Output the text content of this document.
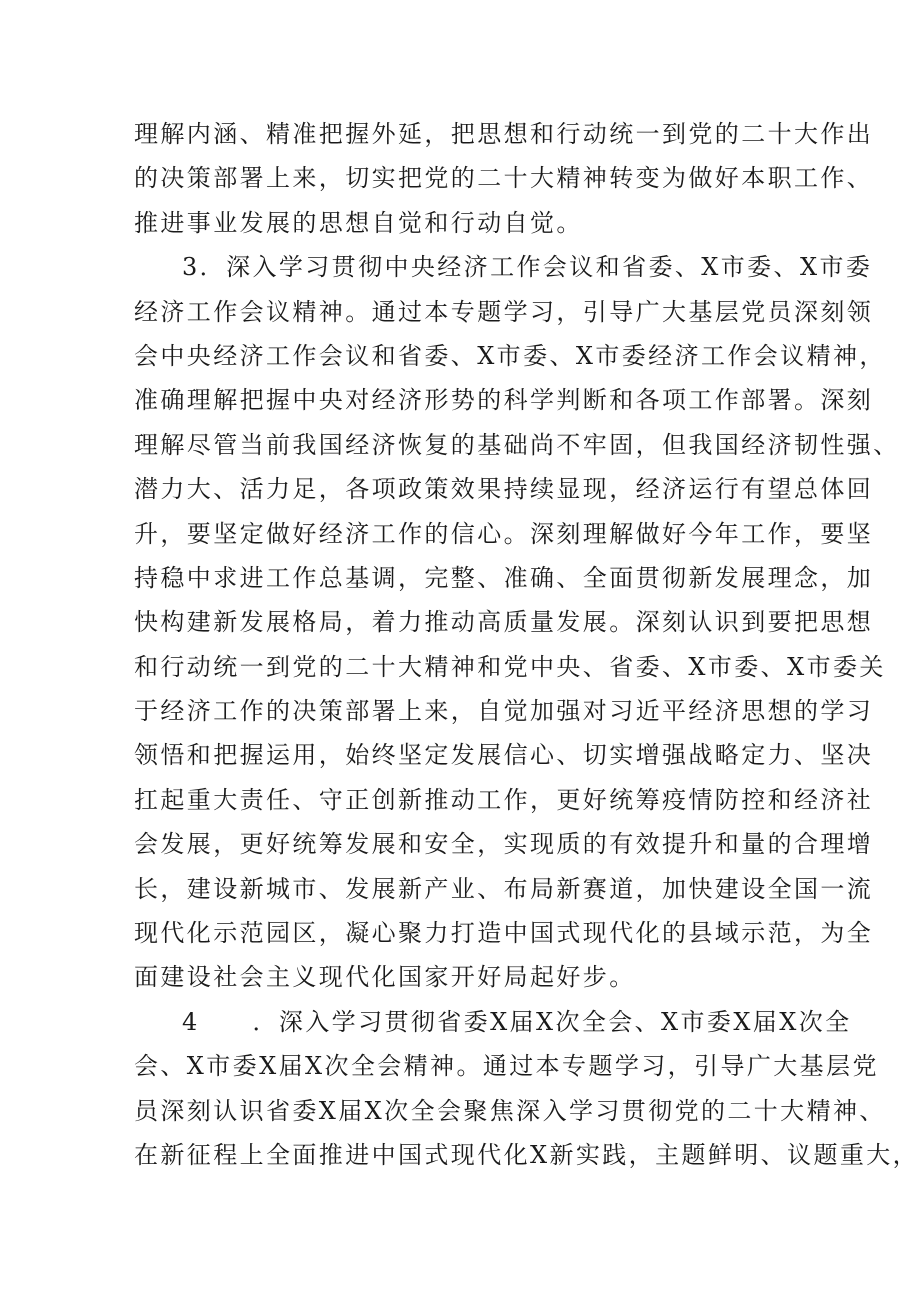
理解内涵、精准把握外延，把思想和行动统一到党的二十大作出
的决策部署上来，切实把党的二十大精神转变为做好本职工作、
推进事业发展的思想自觉和行动自觉。
3．深入学习贯彻中央经济工作会议和省委、X市委、X市委
经济工作会议精神。通过本专题学习，引导广大基层党员深刻领
会中央经济工作会议和省委、X市委、X市委经济工作会议精神，
准确理解把握中央对经济形势的科学判断和各项工作部署。深刻
理解尽管当前我国经济恢复的基础尚不牢固，但我国经济韧性强、
潜力大、活力足，各项政策效果持续显现，经济运行有望总体回
升，要坚定做好经济工作的信心。深刻理解做好今年工作，要坚
持稳中求进工作总基调，完整、准确、全面贯彻新发展理念，加
快构建新发展格局，着力推动高质量发展。深刻认识到要把思想
和行动统一到党的二十大精神和党中央、省委、X市委、X市委关
于经济工作的决策部署上来，自觉加强对习近平经济思想的学习
领悟和把握运用，始终坚定发展信心、切实增强战略定力、坚决
扛起重大责任、守正创新推动工作，更好统筹疫情防控和经济社
会发展，更好统筹发展和安全，实现质的有效提升和量的合理增
长，建设新城市、发展新产业、布局新赛道，加快建设全国一流
现代化示范园区，凝心聚力打造中国式现代化的县域示范，为全
面建设社会主义现代化国家开好局起好步。
4　　．深入学习贯彻省委X届X次全会、X市委X届X次全
会、X市委X届X次全会精神。通过本专题学习，引导广大基层党
员深刻认识省委X届X次全会聚焦深入学习贯彻党的二十大精神、
在新征程上全面推进中国式现代化X新实践，主题鲜明、议题重大，
